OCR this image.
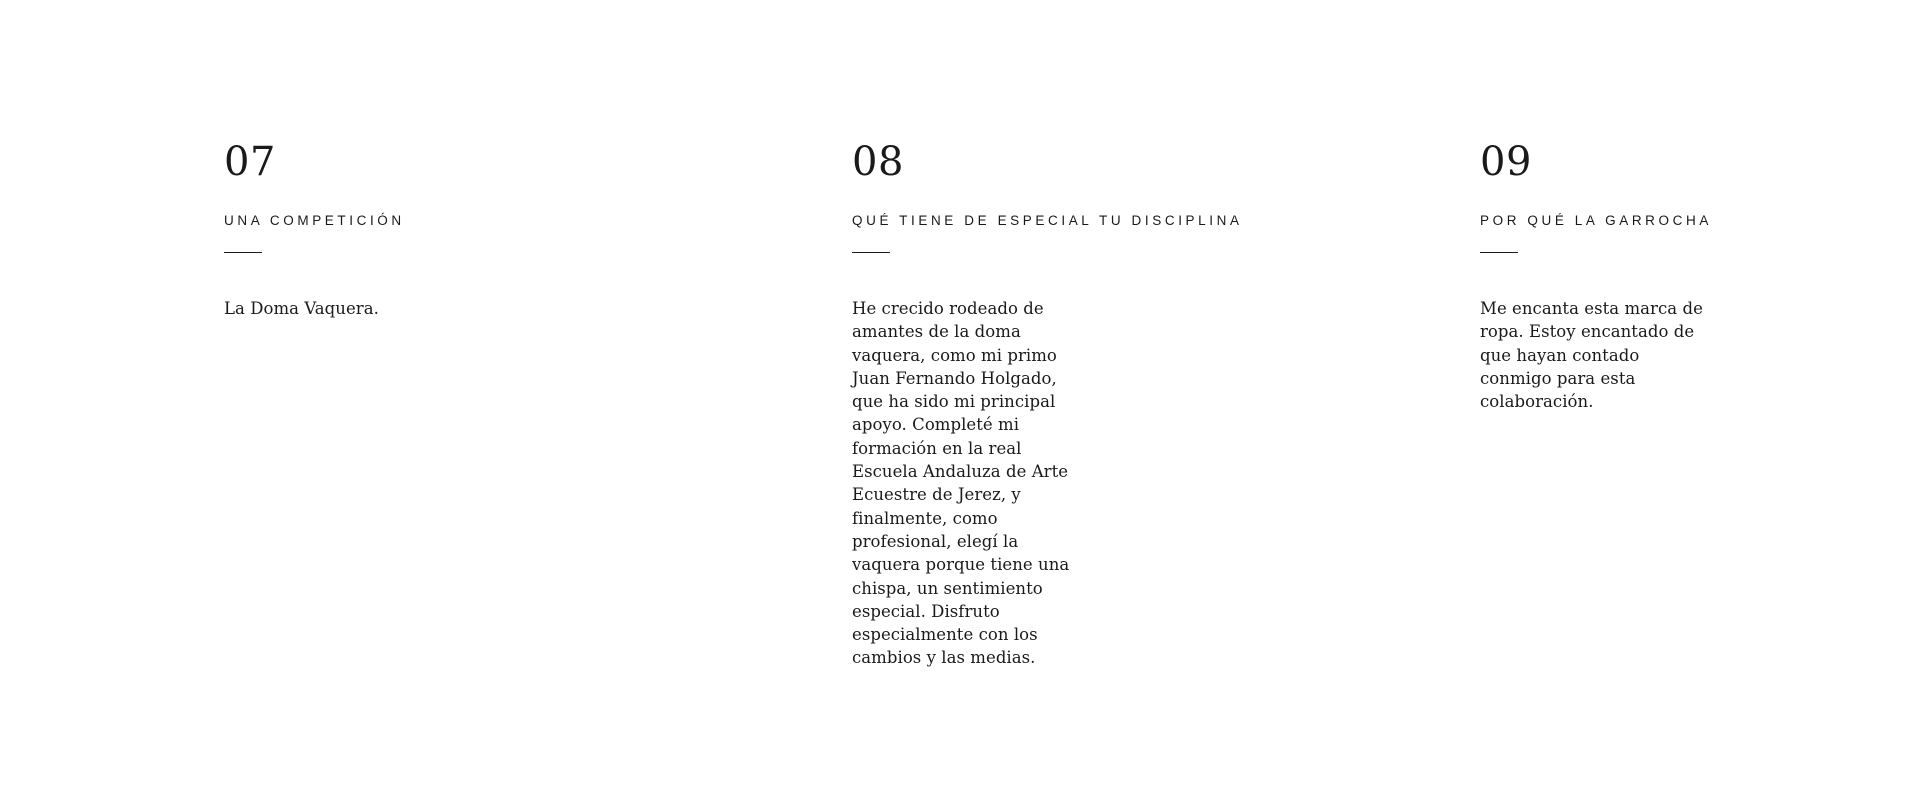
07
UNA COMPETICIÓN

La Doma Vaquera.

08
QUÉ TIENE DE ESPECIAL TU DISCIPLINA

He crecido rodeado de amantes de la doma vaquera, como mi primo Juan Fernando Holgado, que ha sido mi principal apoyo. Completé mi formación en la real Escuela Andaluza de Arte Ecuestre de Jerez, y finalmente, como profesional, elegí la vaquera porque tiene una chispa, un sentimiento especial. Disfruto especialmente con los cambios y las medias.

09
POR QUÉ LA GARROCHA

Me encanta esta marca de ropa. Estoy encantado de que hayan contado conmigo para esta colaboración.
